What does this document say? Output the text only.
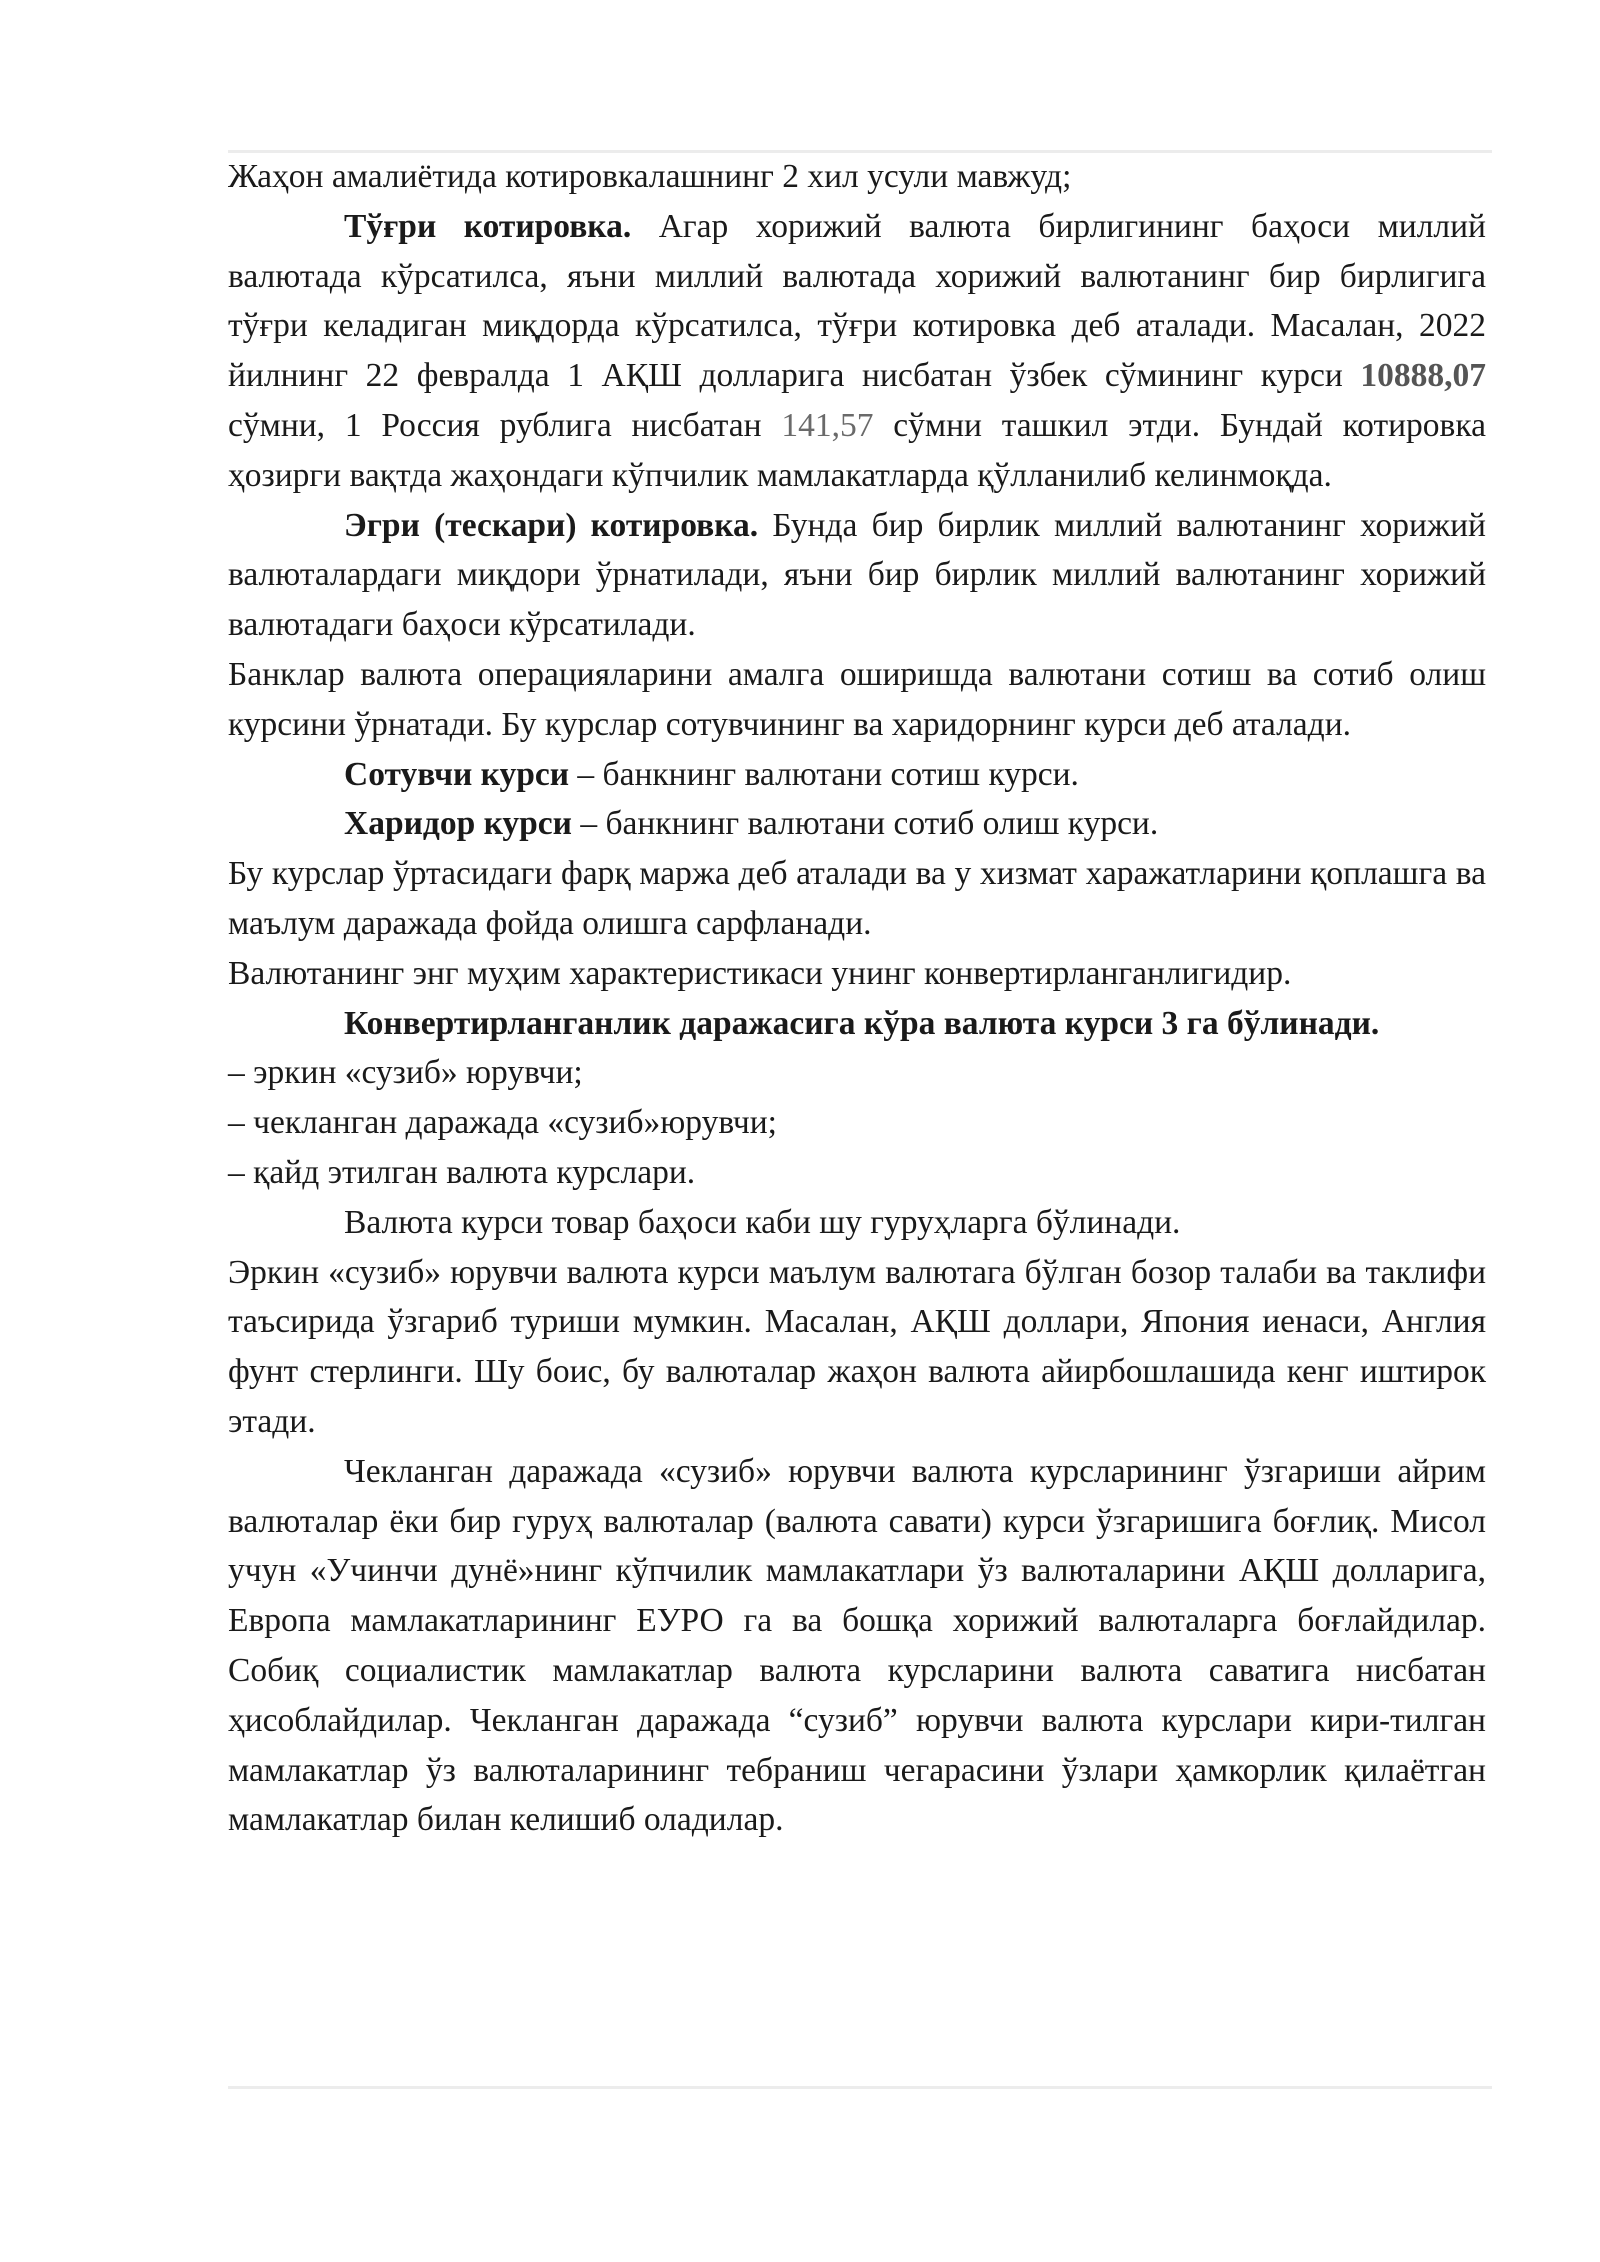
Жаҳон амалиётида котировкалашнинг 2 хил усули мавжуд;

Тўғри котировка. Агар хорижий валюта бирлигининг баҳоси миллий валютада кўрсатилса, яъни миллий валютада хорижий валютанинг бир бирлигига тўғри келадиган миқдорда кўрсатилса, тўғри котировка деб аталади. Масалан, 2022 йилнинг 22 февралда 1 АҚШ долларига нисбатан ўзбек сўмининг курси 10888,07 сўмни, 1 Россия рублига нисбатан 141,57 сўмни ташкил этди. Бундай котировка ҳозирги вақтда жаҳондаги кўпчилик мамлакатларда қўлланилиб келинмоқда.

Эгри (тескари) котировка. Бунда бир бирлик миллий валютанинг хорижий валюталардаги миқдори ўрнатилади, яъни бир бирлик миллий валютанинг хорижий валютадаги баҳоси кўрсатилади.

Банклар валюта операцияларини амалга оширишда валютани сотиш ва сотиб олиш курсини ўрнатади. Бу курслар сотувчининг ва харидорнинг курси деб аталади.

Сотувчи курси – банкнинг валютани сотиш курси.

Харидор курси – банкнинг валютани сотиб олиш курси.

Бу курслар ўртасидаги фарқ маржа деб аталади ва у хизмат харажатларини қоплашга ва маълум даражада фойда олишга сарфланади.

Валютанинг энг муҳим характеристикаси унинг конвертирланганлигидир.

Конвертирланганлик даражасига кўра валюта курси 3 га бўлинади.

– эркин «сузиб» юрувчи;

– чекланган даражада «сузиб»юрувчи;

– қайд этилган валюта курслари.

Валюта курси товар баҳоси каби шу гуруҳларга бўлинади.

Эркин «сузиб» юрувчи валюта курси маълум валютага бўлган бозор талаби ва таклифи таъсирида ўзгариб туриши мумкин. Масалан, АҚШ доллари, Япония иенаси, Англия фунт стерлинги. Шу боис, бу валюталар жаҳон валюта айирбошлашида кенг иштирок этади.

Чекланган даражада «сузиб» юрувчи валюта курсларининг ўзгариши айрим валюталар ёки бир гуруҳ валюталар (валюта савати) курси ўзгаришига боғлиқ. Мисол учун «Учинчи дунё»нинг кўпчилик мамлакатлари ўз валюталарини АҚШ долларига, Европа мамлакатларининг ЕУРО га ва бошқа хорижий валюталарга боғлайдилар. Собиқ социалистик мамлакатлар валюта курсларини валюта саватига нисбатан ҳисоблайдилар. Чекланган даражада “сузиб” юрувчи валюта курслари кири-тилган мамлакатлар ўз валюталарининг тебраниш чегарасини ўзлари ҳамкорлик қилаётган мамлакатлар билан келишиб оладилар.
